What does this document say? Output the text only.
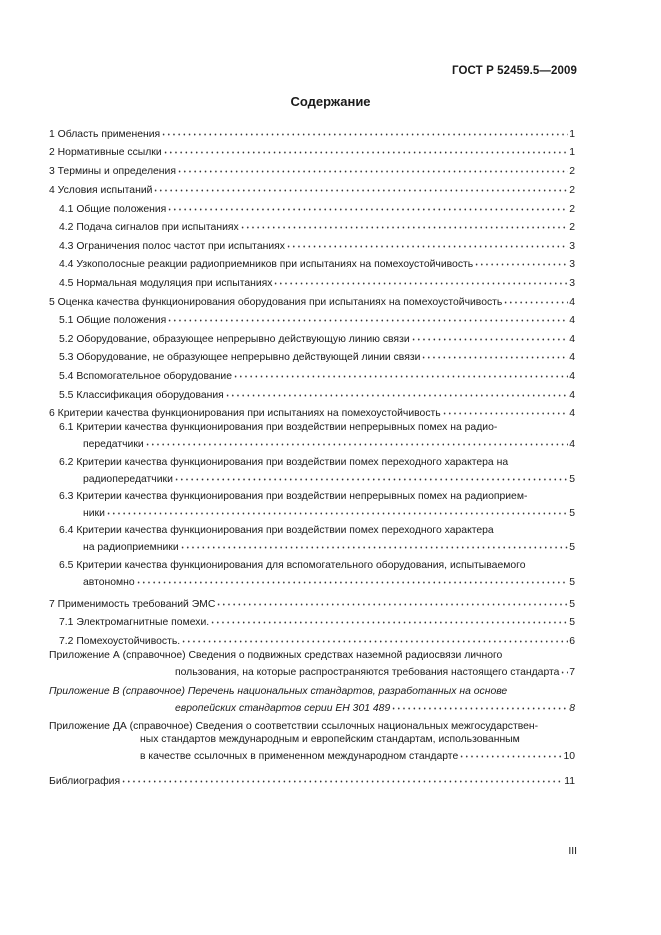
ГОСТ Р 52459.5—2009
Содержание
1 Область применения	1
2 Нормативные ссылки	1
3 Термины и определения	2
4 Условия испытаний	2
4.1 Общие положения	2
4.2 Подача сигналов при испытаниях	2
4.3 Ограничения полос частот при испытаниях	3
4.4 Узкополосные реакции радиоприемников при испытаниях на помехоустойчивость	3
4.5 Нормальная модуляция при испытаниях	3
5 Оценка качества функционирования оборудования при испытаниях на помехоустойчивость	4
5.1 Общие положения	4
5.2 Оборудование, образующее непрерывно действующую линию связи	4
5.3 Оборудование, не образующее непрерывно действующей линии связи	4
5.4 Вспомогательное оборудование	4
5.5 Классификация оборудования	4
6 Критерии качества функционирования при испытаниях на помехоустойчивость	4
6.1 Критерии качества функционирования при воздействии непрерывных помех на радио-
передатчики	4
6.2 Критерии качества функционирования при воздействии помех переходного характера на
радиопередатчики	5
6.3 Критерии качества функционирования при воздействии непрерывных помех на радиоприем-
ники	5
6.4 Критерии качества функционирования при воздействии помех переходного характера
на радиоприемники	5
6.5 Критерии качества функционирования для вспомогательного оборудования, испытываемого
автономно	5
7 Применимость требований ЭМС	5
7.1 Электромагнитные помехи.	5
7.2 Помехоустойчивость.	6
Приложение А (справочное) Сведения о подвижных средствах наземной радиосвязи личного
пользования, на которые распространяются требования настоящего стандарта 7
Приложение В (справочное) Перечень национальных стандартов, разработанных на основе
европейских стандартов серии ЕН 301 489	8
Приложение ДА (справочное) Сведения о соответствии ссылочных национальных межгосударствен-
ных стандартов международным и европейским стандартам, использованным
в качестве ссылочных в примененном международном стандарте	10
Библиография	11
III
